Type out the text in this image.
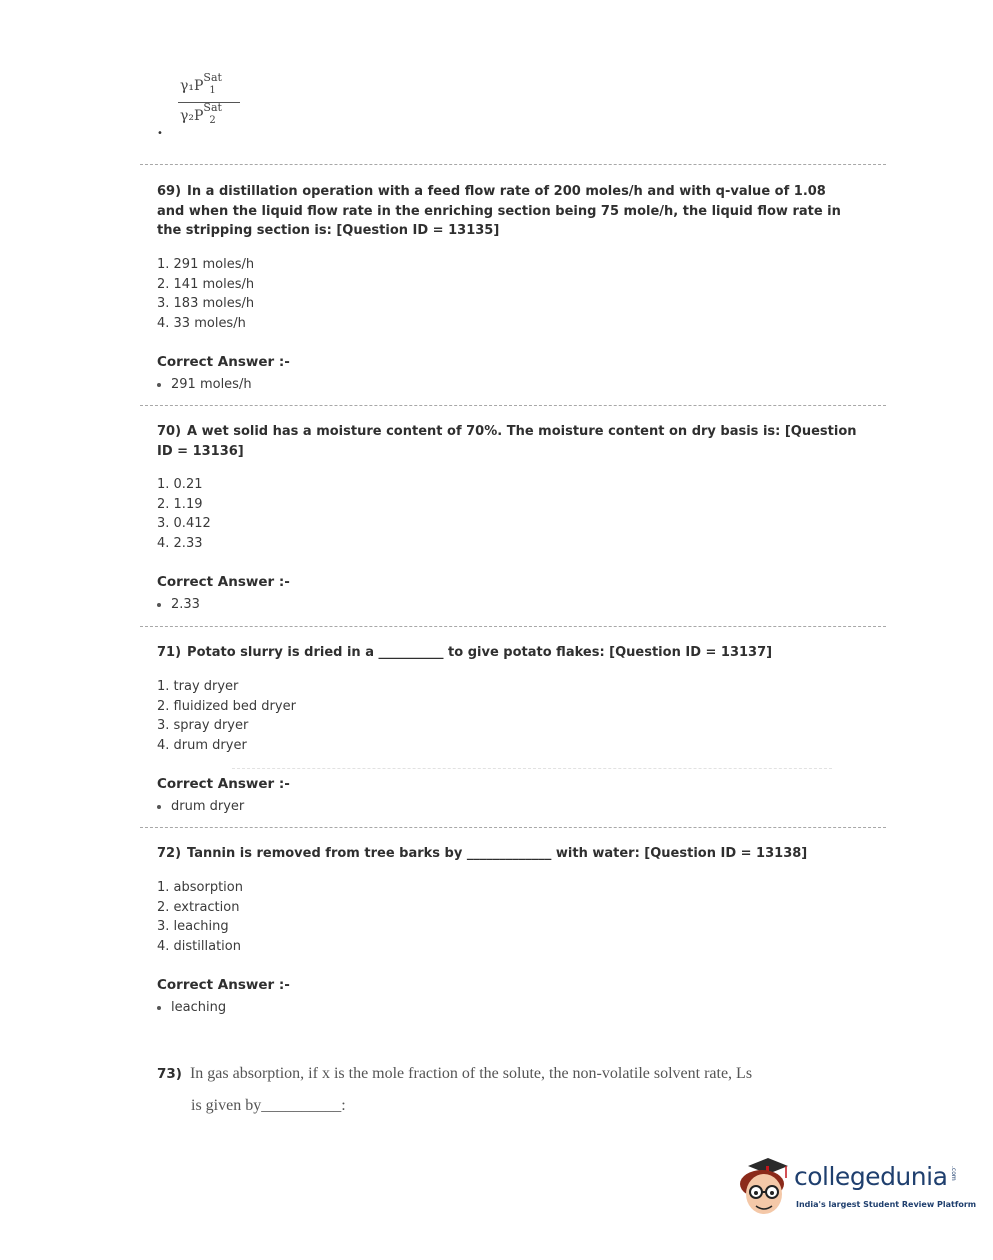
γ₁P
Sat
1
γ₂P
Sat
2
•
69) In a distillation operation with a feed flow rate of 200 moles/h and with q-value of 1.08 and when the liquid flow rate in the enriching section being 75 mole/h, the liquid flow rate in the stripping section is: [Question ID = 13135]
1. 291 moles/h
2. 141 moles/h
3. 183 moles/h
4. 33 moles/h
Correct Answer :-
291 moles/h
70) A wet solid has a moisture content of 70%. The moisture content on dry basis is: [Question ID = 13136]
1. 0.21
2. 1.19
3. 0.412
4. 2.33
Correct Answer :-
2.33
71) Potato slurry is dried in a __________ to give potato flakes: [Question ID = 13137]
1. tray dryer
2. fluidized bed dryer
3. spray dryer
4. drum dryer
Correct Answer :-
drum dryer
72) Tannin is removed from tree barks by _____________ with water: [Question ID = 13138]
1. absorption
2. extraction
3. leaching
4. distillation
Correct Answer :-
leaching
73) In gas absorption, if x is the mole fraction of the solute, the non-volatile solvent rate, Ls
is given by__________:
collegedunia .com
India's largest Student Review Platform
